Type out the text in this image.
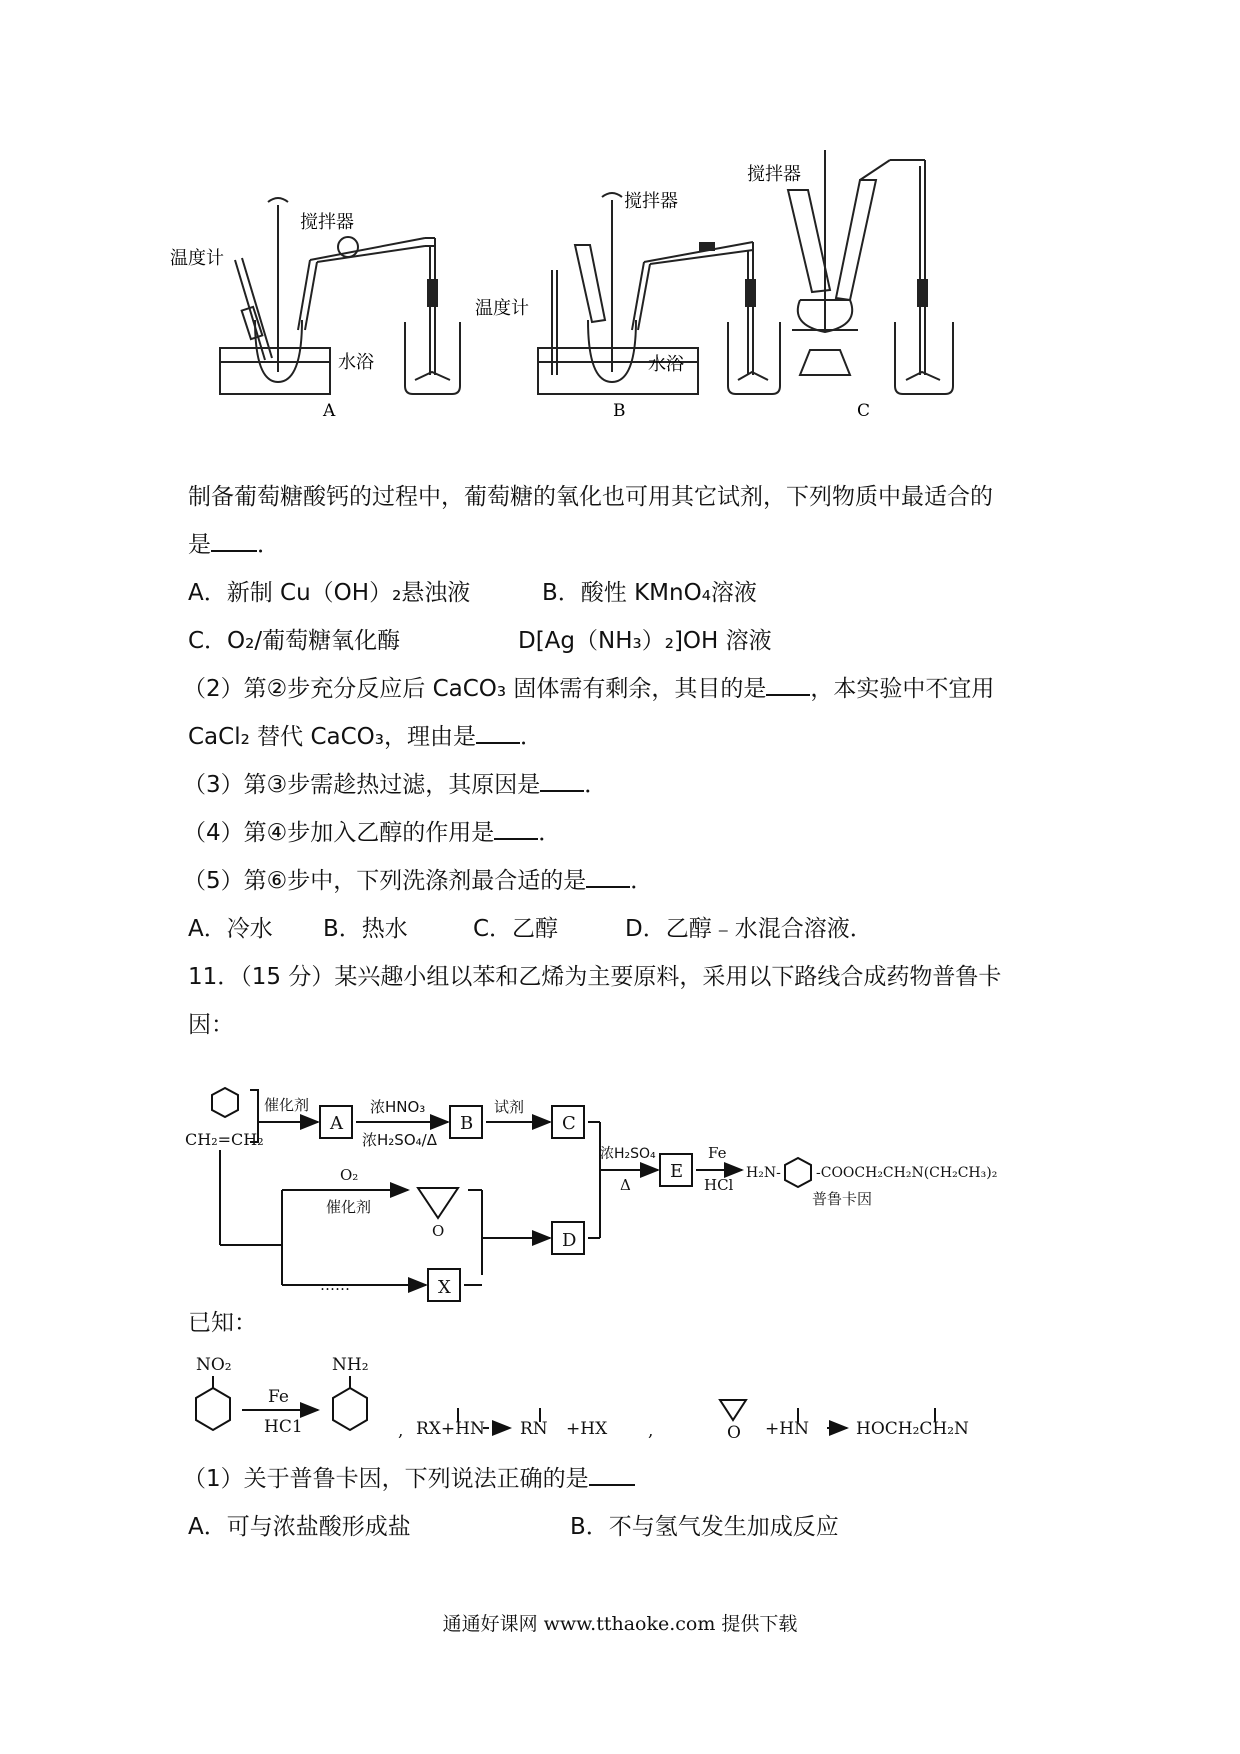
温度计
搅拌器
水浴
A
温度计
搅拌器
水浴
B
搅拌器
C
制备葡萄糖酸钙的过程中，葡萄糖的氧化也可用其它试剂，下列物质中最适合的
是 ．
A．新制 Cu（OH）₂悬浊液	B．酸性 KMnO₄溶液
C．O₂/葡萄糖氧化酶	D[Ag（NH₃）₂]OH 溶液
（2）第②步充分反应后 CaCO₃ 固体需有剩余，其目的是 ，本实验中不宜用
CaCl₂ 替代 CaCO₃，理由是 ．
（3）第③步需趁热过滤，其原因是 ．
（4）第④步加入乙醇的作用是 ．
（5）第⑥步中，下列洗涤剂最合适的是 ．
A．冷水 B．热水	C．乙醇	D．乙醇﹣水混合溶液．
11．（15 分）某兴趣小组以苯和乙烯为主要原料，采用以下路线合成药物普鲁卡
因：
CH₂=CH₂
催化剂
A
浓HNO₃
浓H₂SO₄/Δ
B
试剂
C
O₂
催化剂
O	D
……	X
浓H₂SO₄
Δ
E
Fe
HCl
H₂N-	-COOCH₂CH₂N(CH₂CH₃)₂
普鲁卡因
已知：
NO₂
Fe
HC1
NH₂
, RX+HN RN +HX ,	O +HN	HOCH₂CH₂N
（1）关于普鲁卡因，下列说法正确的是
A．可与浓盐酸形成盐	B．不与氢气发生加成反应
通通好课网 www.tthaoke.com 提供下载
